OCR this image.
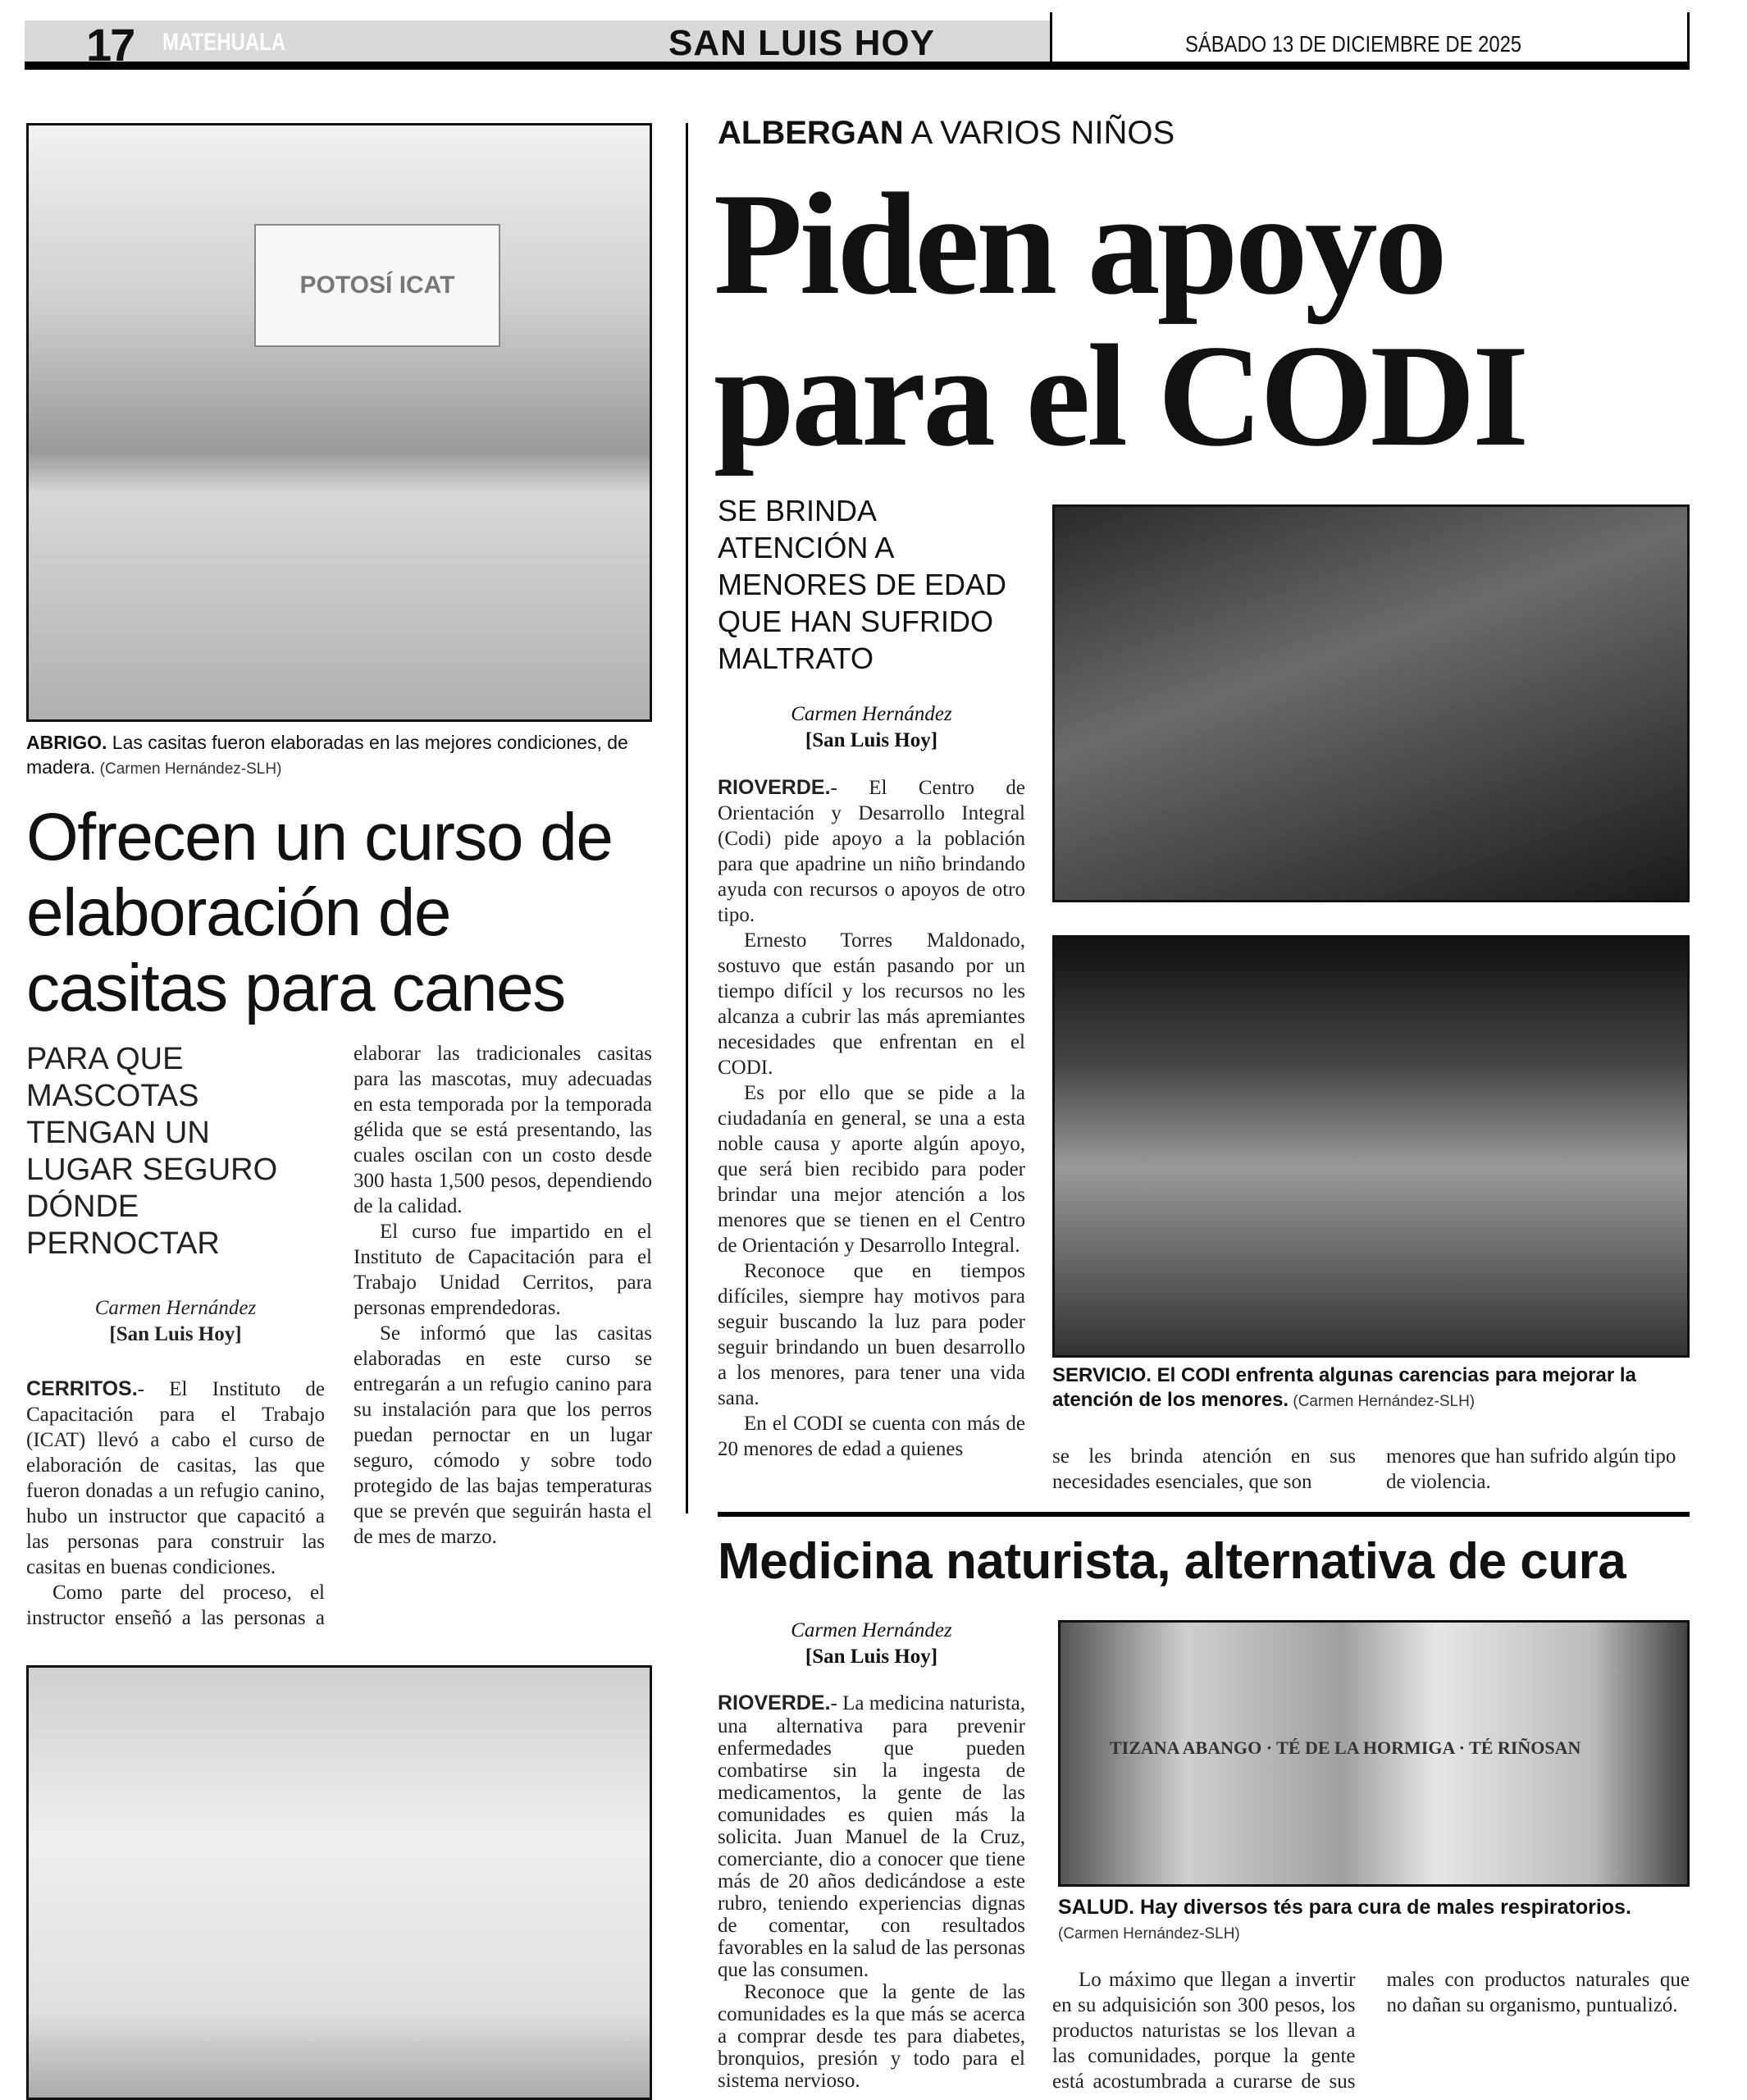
17 MATEHUALA	SAN LUIS HOY	SÁBADO 13 DE DICIEMBRE DE 2025
POTOSÍ ICAT
ABRIGO. Las casitas fueron elaboradas en las mejores condiciones, de madera. (Carmen Hernández-SLH)
Ofrecen un curso de elaboración de casitas para canes
PARA QUE MASCOTAS TENGAN UN LUGAR SEGURO DÓNDE PERNOCTAR
Carmen Hernández
[San Luis Hoy]

CERRITOS.- El Instituto de Capacitación para el Trabajo (ICAT) llevó a cabo el curso de elaboración de casitas, las que fueron donadas a un refugio canino, hubo un instructor que capacitó a las personas para construir las casitas en buenas condiciones.

Como parte del proceso, el instructor enseñó a las personas a elaborar las tradicionales casitas para las mascotas, muy adecuadas en esta temporada por la temporada gélida que se está presentando, las cuales oscilan con un costo desde 300 hasta 1,500 pesos, dependiendo de la calidad.

El curso fue impartido en el Instituto de Capacitación para el Trabajo Unidad Cerritos, para personas emprendedoras.

Se informó que las casitas elaboradas en este curso se entregarán a un refugio canino para su instalación para que los perros puedan pernoctar en un lugar seguro, cómodo y sobre todo protegido de las bajas temperaturas que se prevén que seguirán hasta el de mes de marzo.

ALBERGAN A VARIOS NIÑOS
Piden apoyo para el CODI
SE BRINDA ATENCIÓN A MENORES DE EDAD QUE HAN SUFRIDO MALTRATO
Carmen Hernández
[San Luis Hoy]

RIOVERDE.- El Centro de Orientación y Desarrollo Integral (Codi) pide apoyo a la población para que apadrine un niño brindando ayuda con recursos o apoyos de otro tipo.

Ernesto Torres Maldonado, sostuvo que están pasando por un tiempo difícil y los recursos no les alcanza a cubrir las más apremiantes necesidades que enfrentan en el CODI.

Es por ello que se pide a la ciudadanía en general, se una a esta noble causa y aporte algún apoyo, que será bien recibido para poder brindar una mejor atención a los menores que se tienen en el Centro de Orientación y Desarrollo Integral.

Reconoce que en tiempos difíciles, siempre hay motivos para seguir buscando la luz para poder seguir brindando un buen desarrollo a los menores, para tener una vida sana.

En el CODI se cuenta con más de 20 menores de edad a quienes

SERVICIO. El CODI enfrenta algunas carencias para mejorar la atención de los menores. (Carmen Hernández-SLH)
se les brinda atención en sus necesidades esenciales, que son
menores que han sufrido algún tipo de violencia.
Medicina naturista, alternativa de cura
Carmen Hernández
[San Luis Hoy]
TIZANA ABANGO · TÉ DE LA HORMIGA · TÉ RIÑOSAN
SALUD. Hay diversos tés para cura de males respiratorios.
(Carmen Hernández-SLH)

RIOVERDE.- La medicina naturista, una alternativa para prevenir enfermedades que pueden combatirse sin la ingesta de medicamentos, la gente de las comunidades es quien más la solicita. Juan Manuel de la Cruz, comerciante, dio a conocer que tiene más de 20 años dedicándose a este rubro, teniendo experiencias dignas de comentar, con resultados favorables en la salud de las personas que las consumen.

Reconoce que la gente de las comunidades es la que más se acerca a comprar desde tes para diabetes, bronquios, presión y todo para el sistema nervioso.

Lo máximo que llegan a invertir en su adquisición son 300 pesos, los productos naturistas se los llevan a las comunidades, porque la gente está acostumbrada a curarse de sus males con productos naturales que no dañan su organismo, puntualizó.
